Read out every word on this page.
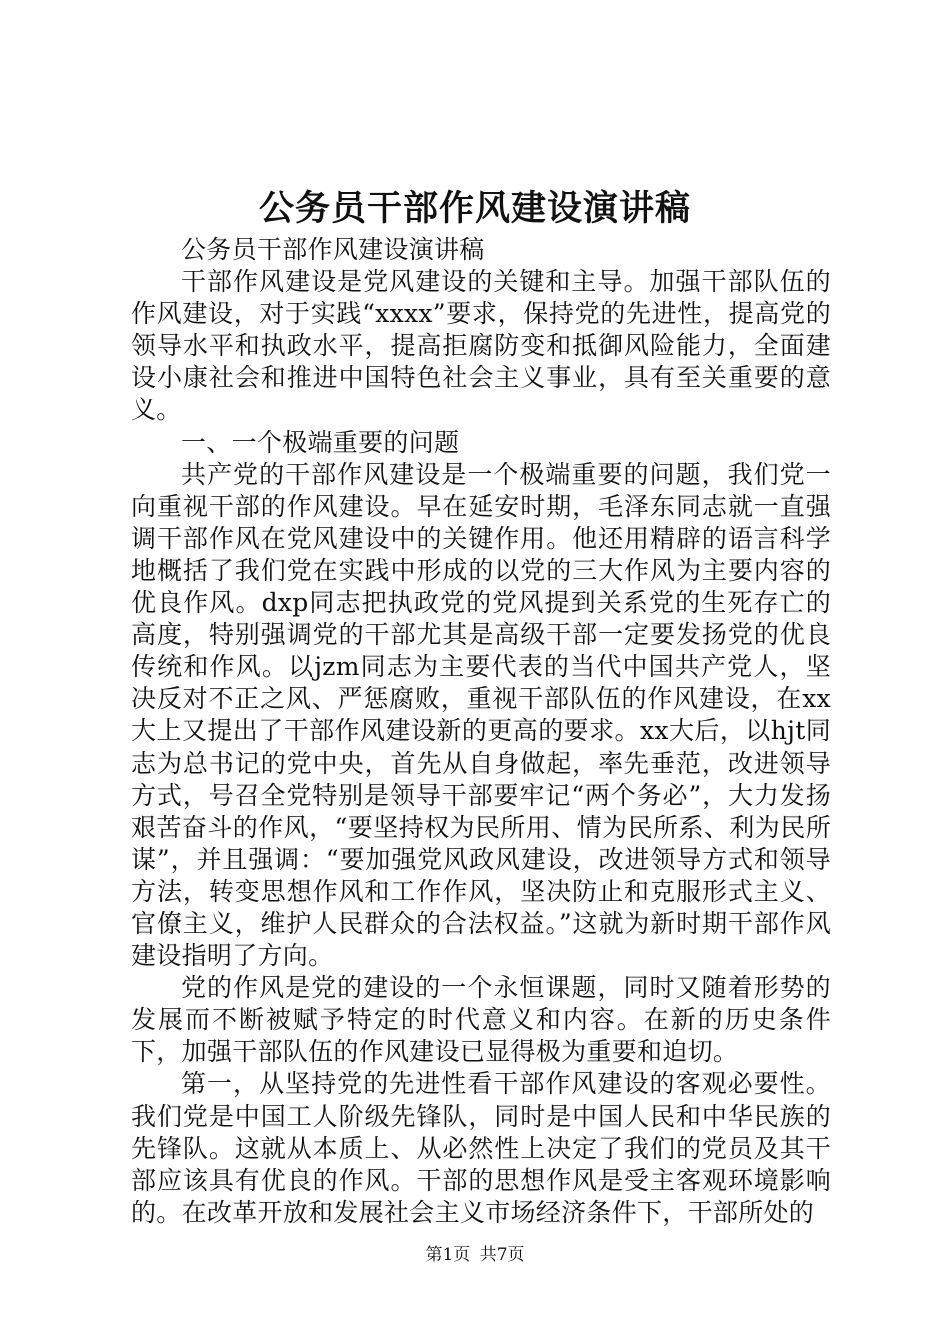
公务员干部作风建设演讲稿

公务员干部作风建设演讲稿

干部作风建设是党风建设的关键和主导。加强干部队伍的作风建设，对于实践“xxxx”要求，保持党的先进性，提高党的领导水平和执政水平，提高拒腐防变和抵御风险能力，全面建设小康社会和推进中国特色社会主义事业，具有至关重要的意义。

一、一个极端重要的问题

共产党的干部作风建设是一个极端重要的问题，我们党一向重视干部的作风建设。早在延安时期，毛泽东同志就一直强调干部作风在党风建设中的关键作用。他还用精辟的语言科学地概括了我们党在实践中形成的以党的三大作风为主要内容的优良作风。dxp同志把执政党的党风提到关系党的生死存亡的高度，特别强调党的干部尤其是高级干部一定要发扬党的优良传统和作风。以jzm同志为主要代表的当代中国共产党人，坚决反对不正之风、严惩腐败，重视干部队伍的作风建设，在xx大上又提出了干部作风建设新的更高的要求。xx大后，以hjt同志为总书记的党中央，首先从自身做起，率先垂范，改进领导方式，号召全党特别是领导干部要牢记“两个务必”，大力发扬艰苦奋斗的作风，“要坚持权为民所用、情为民所系、利为民所谋”，并且强调：“要加强党风政风建设，改进领导方式和领导方法，转变思想作风和工作作风，坚决防止和克服形式主义、官僚主义，维护人民群众的合法权益。”这就为新时期干部作风建设指明了方向。

党的作风是党的建设的一个永恒课题，同时又随着形势的发展而不断被赋予特定的时代意义和内容。在新的历史条件下，加强干部队伍的作风建设已显得极为重要和迫切。

第一，从坚持党的先进性看干部作风建设的客观必要性。我们党是中国工人阶级先锋队，同时是中国人民和中华民族的先锋队。这就从本质上、从必然性上决定了我们的党员及其干部应该具有优良的作风。干部的思想作风是受主客观环境影响的。在改革开放和发展社会主义市场经济条件下，干部所处的

第1页 共7页
